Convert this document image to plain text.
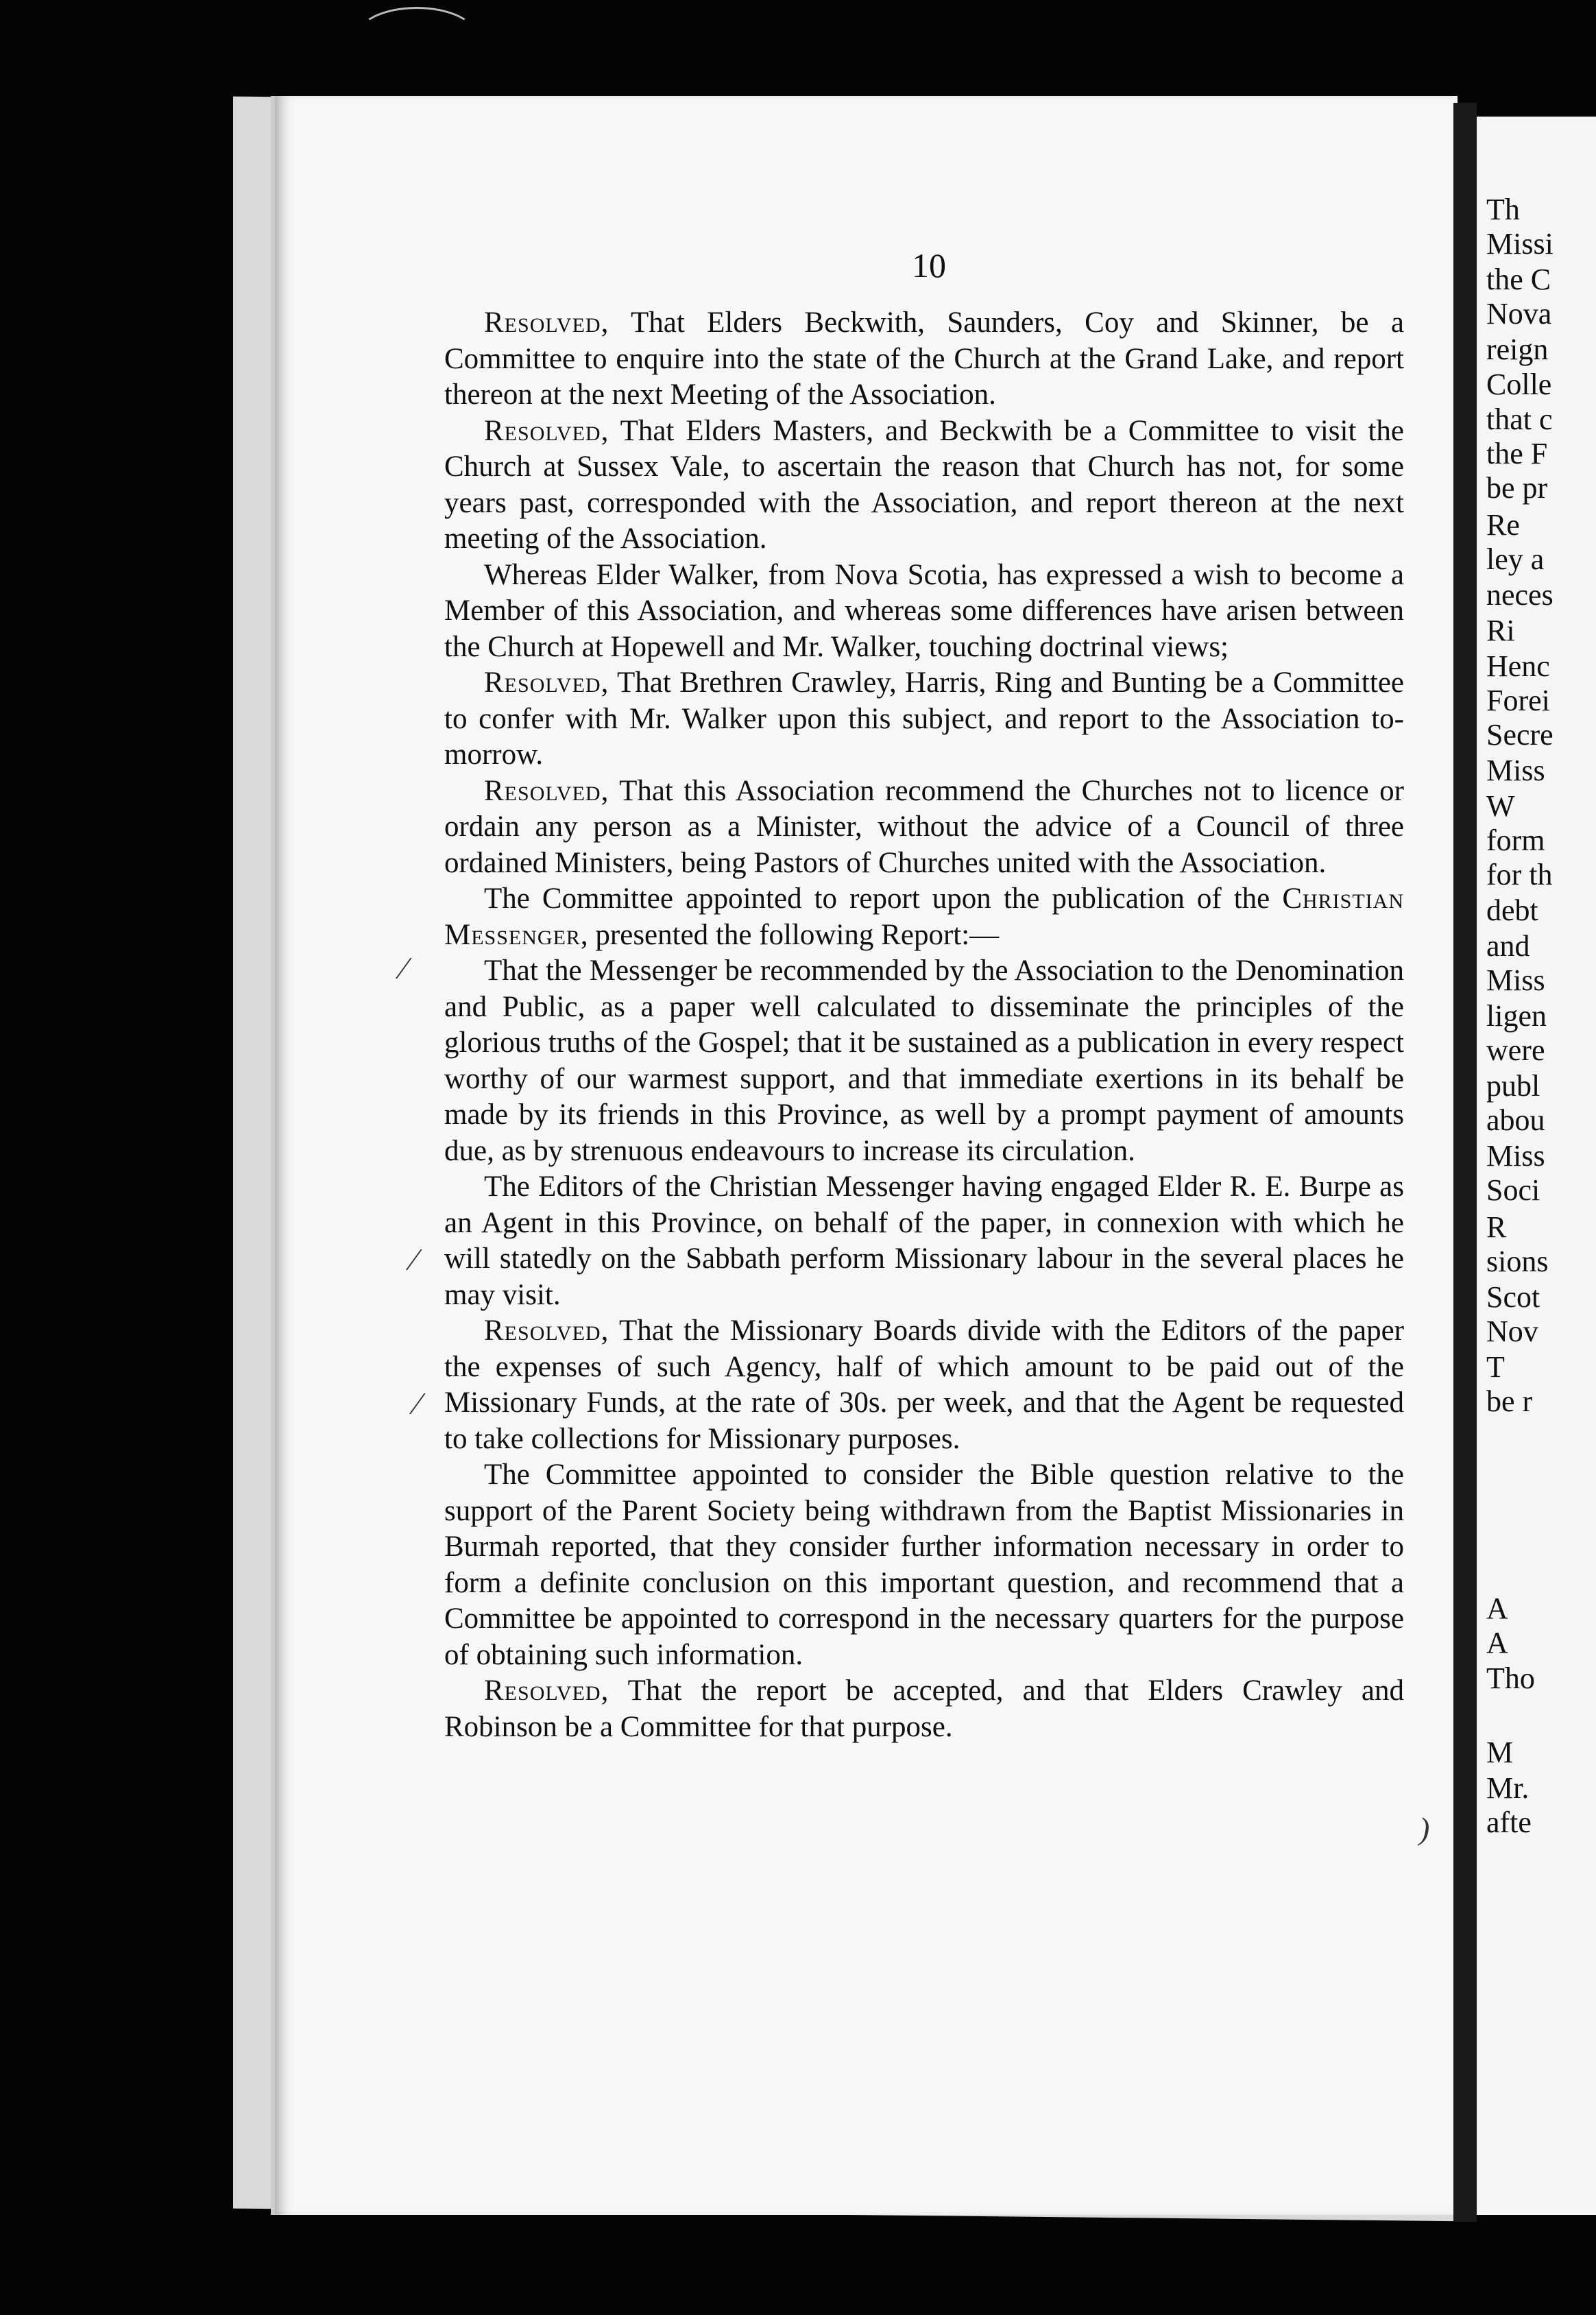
10

Resolved, That Elders Beckwith, Saunders, Coy and Skinner, be a Committee to enquire into the state of the Church at the Grand Lake, and report thereon at the next Meeting of the Association.

Resolved, That Elders Masters, and Beckwith be a Committee to visit the Church at Sussex Vale, to ascertain the reason that Church has not, for some years past, corresponded with the Association, and report thereon at the next meeting of the Association.

Whereas Elder Walker, from Nova Scotia, has expressed a wish to become a Member of this Association, and whereas some differences have arisen between the Church at Hopewell and Mr. Walker, touching doctrinal views;

Resolved, That Brethren Crawley, Harris, Ring and Bunting be a Committee to confer with Mr. Walker upon this subject, and report to the Association to-morrow.

Resolved, That this Association recommend the Churches not to licence or ordain any person as a Minister, without the advice of a Council of three ordained Ministers, being Pastors of Churches united with the Association.

The Committee appointed to report upon the publication of the Christian Messenger, presented the following Report:—

That the Messenger be recommended by the Association to the Denomination and Public, as a paper well calculated to disseminate the principles of the glorious truths of the Gospel; that it be sustained as a publication in every respect worthy of our warmest support, and that immediate exertions in its behalf be made by its friends in this Province, as well by a prompt payment of amounts due, as by strenuous endeavours to increase its circulation.

The Editors of the Christian Messenger having engaged Elder R. E. Burpe as an Agent in this Province, on behalf of the paper, in connexion with which he will statedly on the Sabbath perform Missionary labour in the several places he may visit.

Resolved, That the Missionary Boards divide with the Editors of the paper the expenses of such Agency, half of which amount to be paid out of the Missionary Funds, at the rate of 30s. per week, and that the Agent be requested to take collections for Missionary purposes.

The Committee appointed to consider the Bible question relative to the support of the Parent Society being withdrawn from the Baptist Missionaries in Burmah reported, that they consider further information necessary in order to form a definite conclusion on this important question, and recommend that a Committee be appointed to correspond in the necessary quarters for the purpose of obtaining such information.

Resolved, That the report be accepted, and that Elders Crawley and Robinson be a Committee for that purpose.

⁄
⁄
⁄
)
Th
Missi
the C
Nova
reign
Colle
that c
the F
be pr
Re
ley a
neces
Ri
Henc
Forei
Secre
Miss
W
form
for th
debt
and
Miss
ligen
were
publ
abou
Miss
Soci
R
sions
Scot
Nov
T
be r
A
A
Tho
M
Mr.
afte
